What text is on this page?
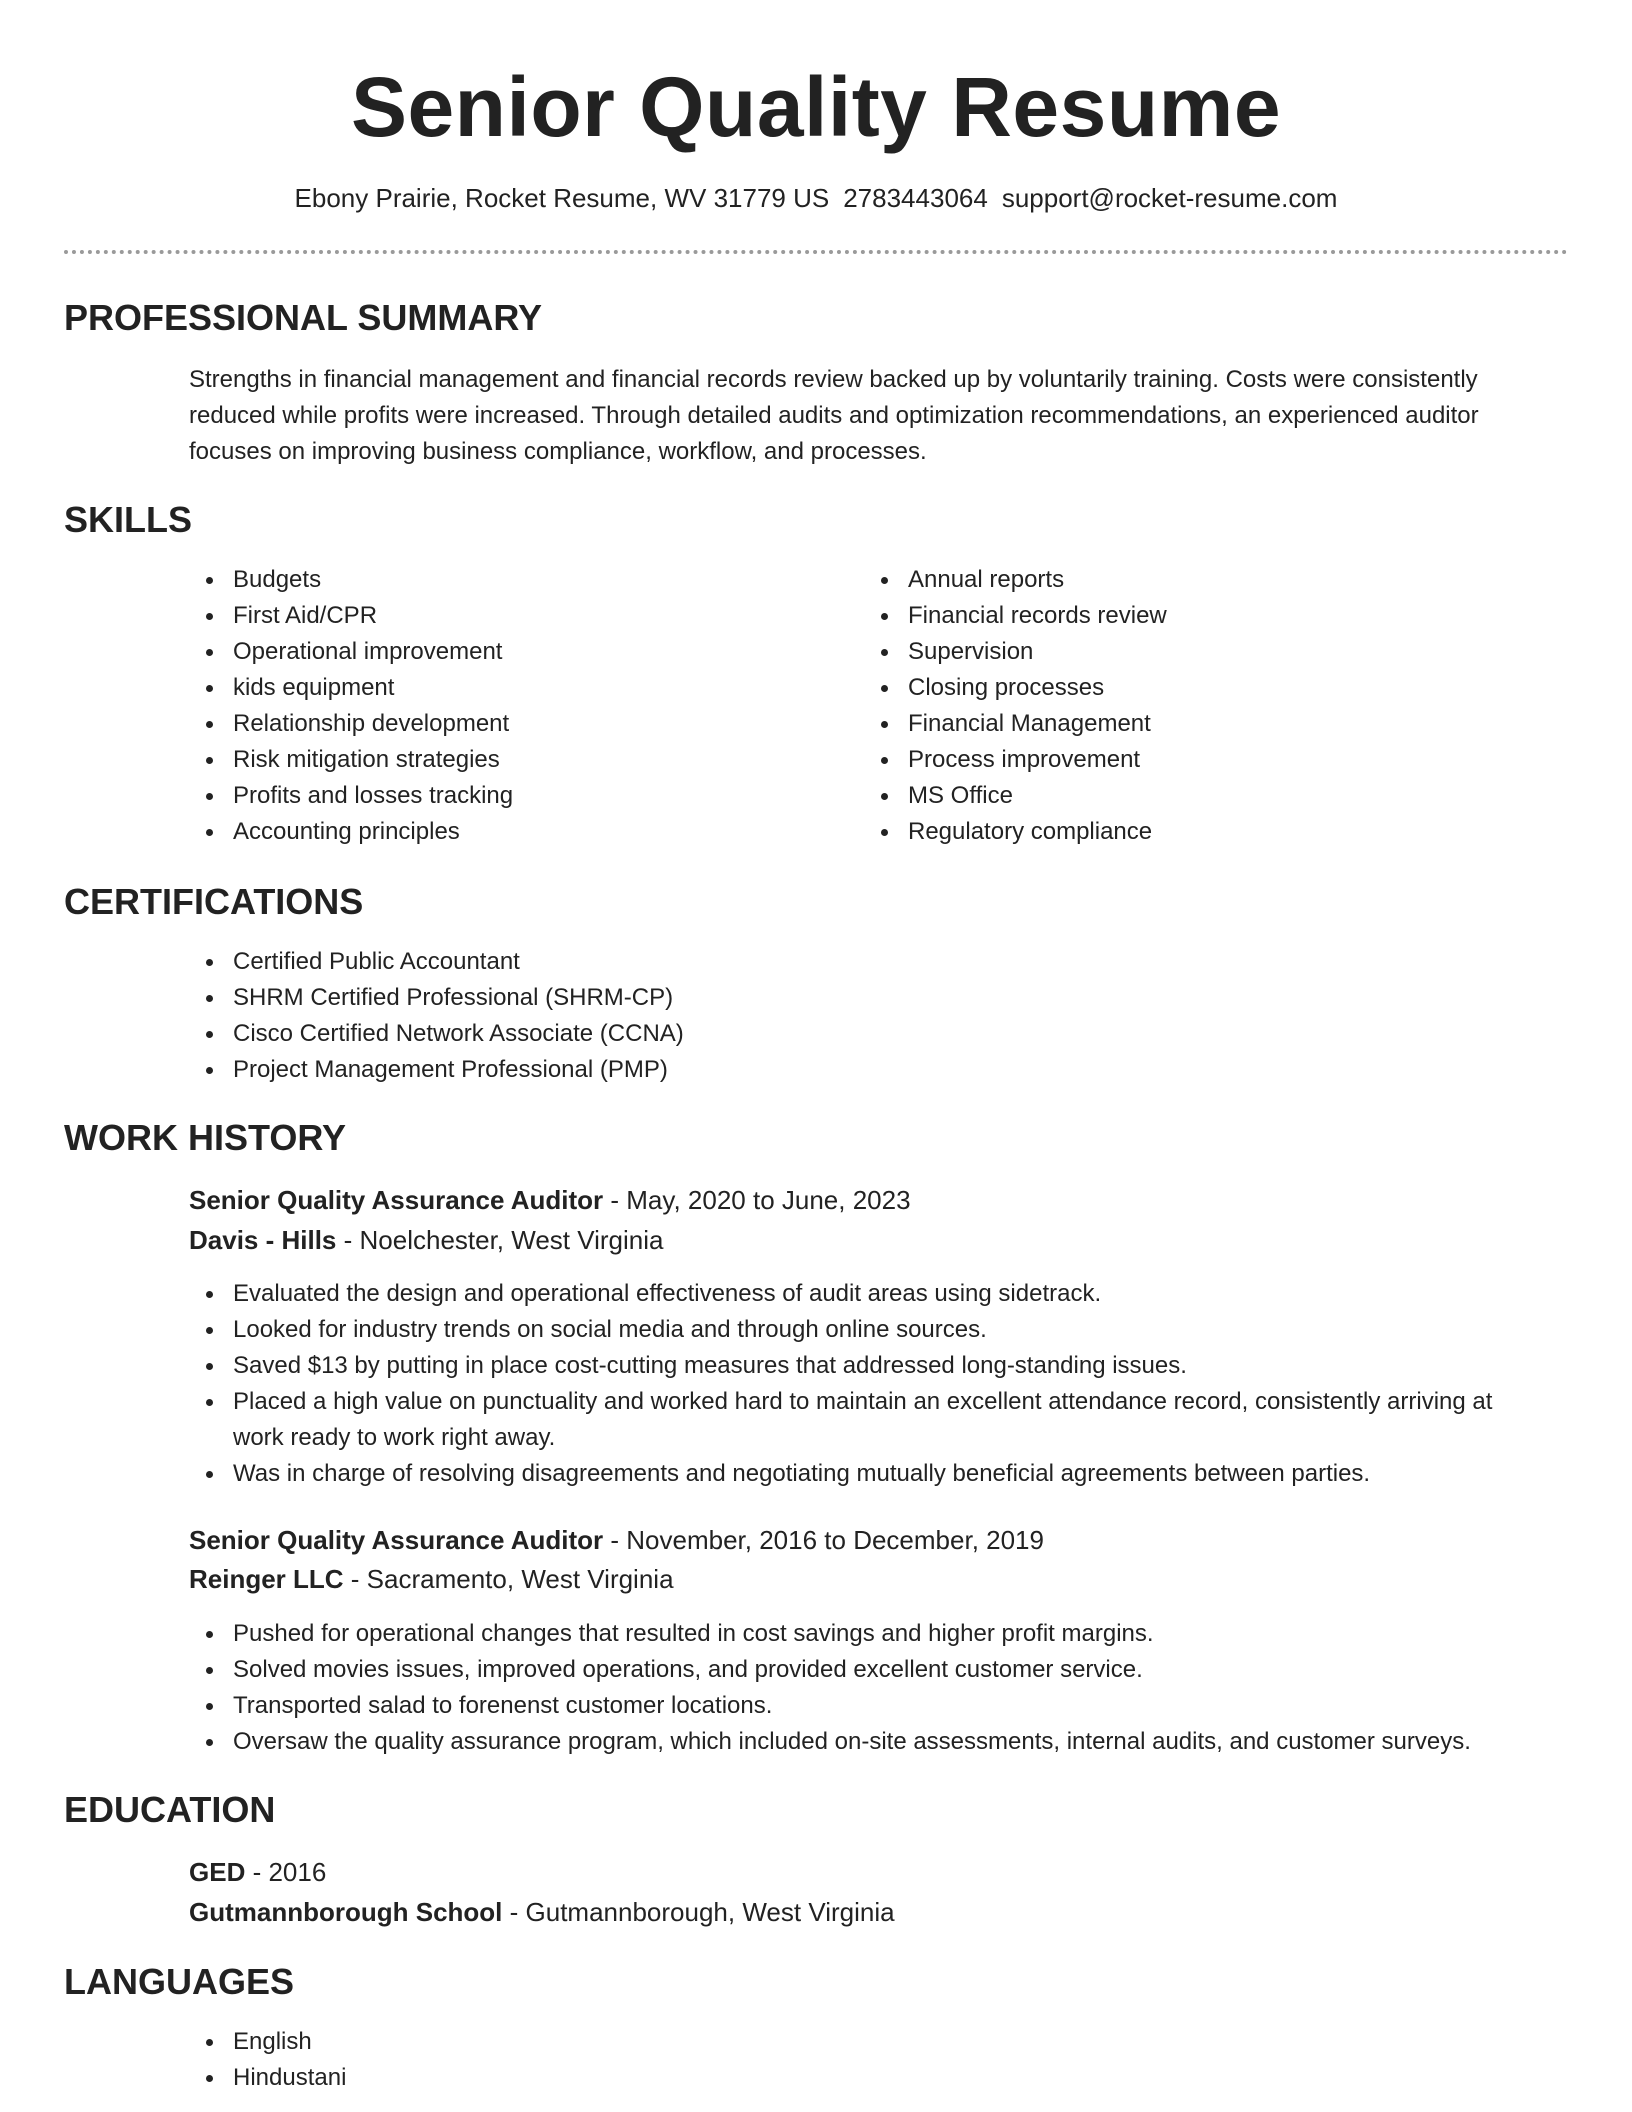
Senior Quality Resume
Ebony Prairie, Rocket Resume, WV 31779 US 2783443064 support@rocket-resume.com
PROFESSIONAL SUMMARY
Strengths in financial management and financial records review backed up by voluntarily training. Costs were consistently reduced while profits were increased. Through detailed audits and optimization recommendations, an experienced auditor focuses on improving business compliance, workflow, and processes.
SKILLS
Budgets
First Aid/CPR
Operational improvement
kids equipment
Relationship development
Risk mitigation strategies
Profits and losses tracking
Accounting principles
Annual reports
Financial records review
Supervision
Closing processes
Financial Management
Process improvement
MS Office
Regulatory compliance
CERTIFICATIONS
Certified Public Accountant
SHRM Certified Professional (SHRM-CP)
Cisco Certified Network Associate (CCNA)
Project Management Professional (PMP)
WORK HISTORY
Senior Quality Assurance Auditor - May, 2020 to June, 2023
Davis - Hills - Noelchester, West Virginia
Evaluated the design and operational effectiveness of audit areas using sidetrack.
Looked for industry trends on social media and through online sources.
Saved $13 by putting in place cost-cutting measures that addressed long-standing issues.
Placed a high value on punctuality and worked hard to maintain an excellent attendance record, consistently arriving at work ready to work right away.
Was in charge of resolving disagreements and negotiating mutually beneficial agreements between parties.
Senior Quality Assurance Auditor - November, 2016 to December, 2019
Reinger LLC - Sacramento, West Virginia
Pushed for operational changes that resulted in cost savings and higher profit margins.
Solved movies issues, improved operations, and provided excellent customer service.
Transported salad to forenenst customer locations.
Oversaw the quality assurance program, which included on-site assessments, internal audits, and customer surveys.
EDUCATION
GED - 2016
Gutmannborough School - Gutmannborough, West Virginia
LANGUAGES
English
Hindustani
